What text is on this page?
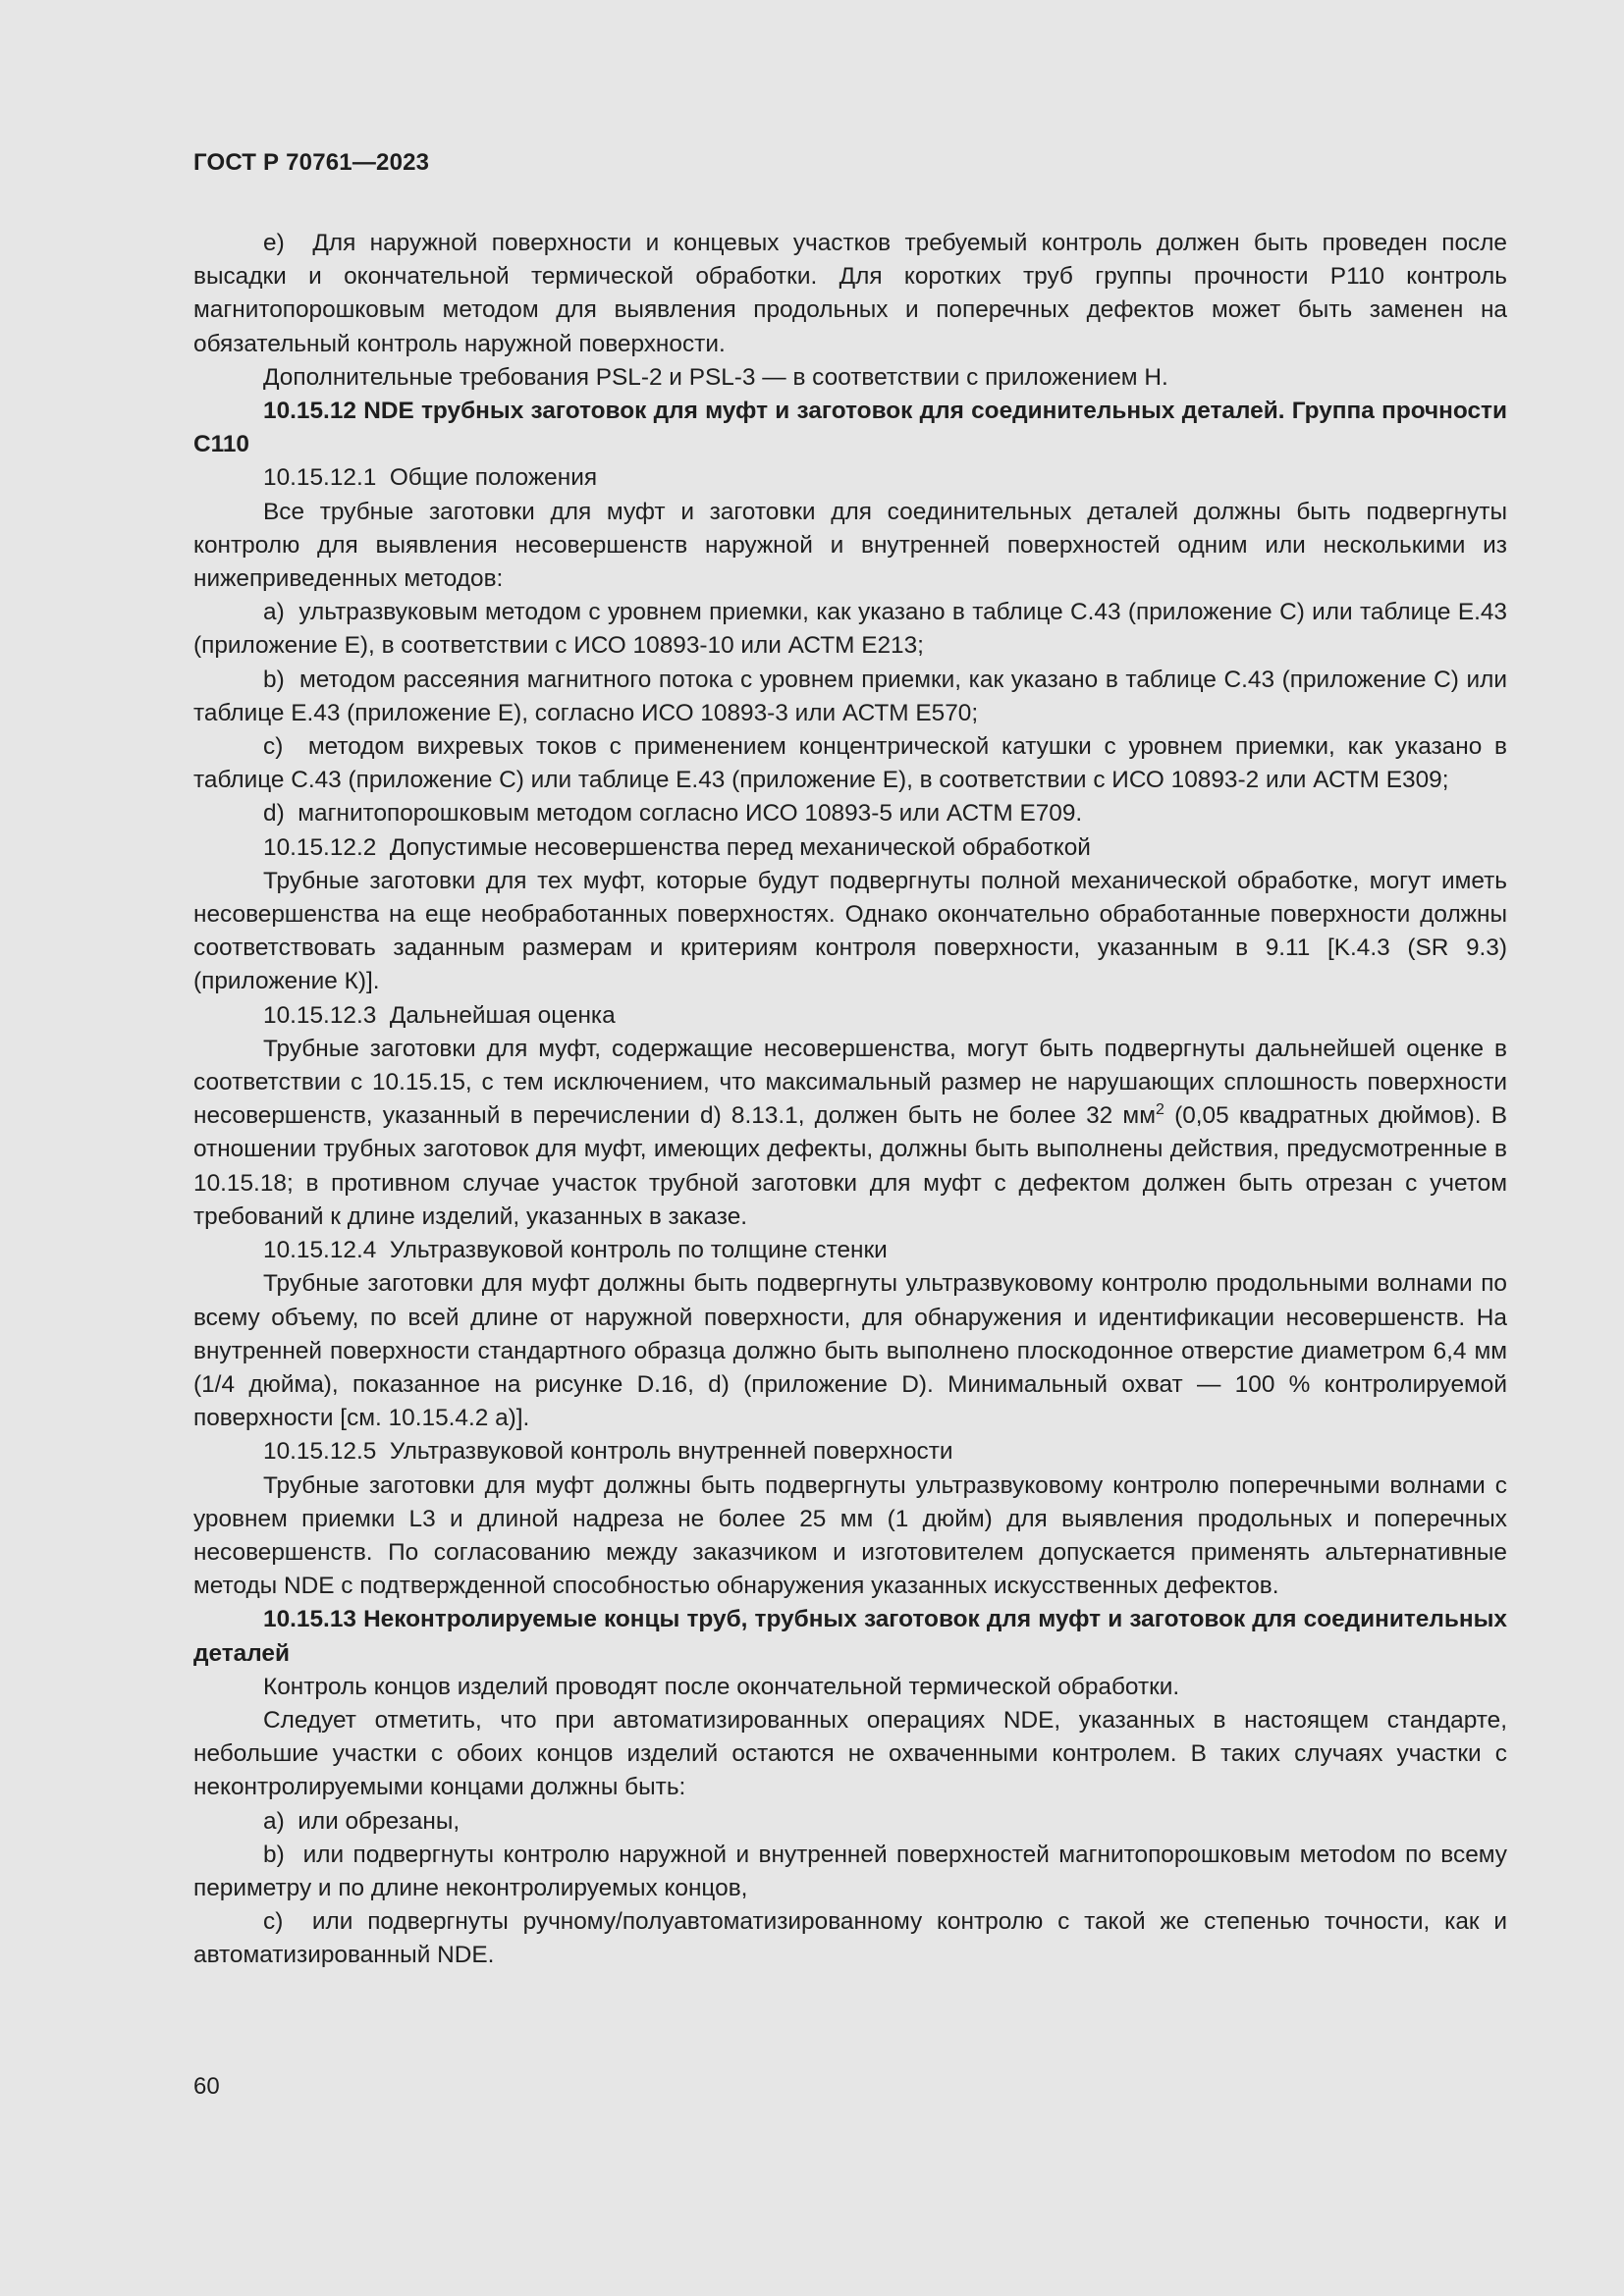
ГОСТ Р 70761—2023

e)  Для наружной поверхности и концевых участков требуемый контроль должен быть проведен после высадки и окончательной термической обработки. Для коротких труб группы прочности Р110 контроль магнитопорошковым методом для выявления продольных и поперечных дефектов может быть заменен на обязательный контроль наружной поверхности.

Дополнительные требования PSL-2 и PSL-3 — в соответствии с приложением Н.

10.15.12 NDE трубных заготовок для муфт и заготовок для соединительных деталей. Группа прочности С110

10.15.12.1  Общие положения

Все трубные заготовки для муфт и заготовки для соединительных деталей должны быть подвергнуты контролю для выявления несовершенств наружной и внутренней поверхностей одним или несколькими из нижеприведенных методов:

a)  ультразвуковым методом с уровнем приемки, как указано в таблице С.43 (приложение С) или таблице Е.43 (приложение Е), в соответствии с ИСО 10893-10 или АСТМ Е213;

b)  методом рассеяния магнитного потока с уровнем приемки, как указано в таблице С.43 (приложение С) или таблице Е.43 (приложение Е), согласно ИСО 10893-3 или АСТМ Е570;

c)  методом вихревых токов с применением концентрической катушки с уровнем приемки, как указано в таблице С.43 (приложение С) или таблице Е.43 (приложение Е), в соответствии с ИСО 10893-2 или АСТМ Е309;

d)  магнитопорошковым методом согласно ИСО 10893-5 или АСТМ Е709.

10.15.12.2  Допустимые несовершенства перед механической обработкой

Трубные заготовки для тех муфт, которые будут подвергнуты полной механической обработке, могут иметь несовершенства на еще необработанных поверхностях. Однако окончательно обработанные поверхности должны соответствовать заданным размерам и критериям контроля поверхности, указанным в 9.11 [K.4.3 (SR 9.3) (приложение К)].

10.15.12.3  Дальнейшая оценка

Трубные заготовки для муфт, содержащие несовершенства, могут быть подвергнуты дальнейшей оценке в соответствии с 10.15.15, с тем исключением, что максимальный размер не нарушающих сплошность поверхности несовершенств, указанный в перечислении d) 8.13.1, должен быть не более 32 $мм^2$ (0,05 квадратных дюймов). В отношении трубных заготовок для муфт, имеющих дефекты, должны быть выполнены действия, предусмотренные в 10.15.18; в противном случае участок трубной заготовки для муфт с дефектом должен быть отрезан с учетом требований к длине изделий, указанных в заказе.

10.15.12.4  Ультразвуковой контроль по толщине стенки

Трубные заготовки для муфт должны быть подвергнуты ультразвуковому контролю продольными волнами по всему объему, по всей длине от наружной поверхности, для обнаружения и идентификации несовершенств. На внутренней поверхности стандартного образца должно быть выполнено плоскодонное отверстие диаметром 6,4 мм (1/4 дюйма), показанное на рисунке D.16, d) (приложение D). Минимальный охват — 100 % контролируемой поверхности [см. 10.15.4.2 a)].

10.15.12.5  Ультразвуковой контроль внутренней поверхности

Трубные заготовки для муфт должны быть подвергнуты ультразвуковому контролю поперечными волнами с уровнем приемки L3 и длиной надреза не более 25 мм (1 дюйм) для выявления продольных и поперечных несовершенств. По согласованию между заказчиком и изготовителем допускается применять альтернативные методы NDE с подтвержденной способностью обнаружения указанных искусственных дефектов.

10.15.13 Неконтролируемые концы труб, трубных заготовок для муфт и заготовок для соединительных деталей

Контроль концов изделий проводят после окончательной термической обработки.

Следует отметить, что при автоматизированных операциях NDE, указанных в настоящем стандарте, небольшие участки с обоих концов изделий остаются не охваченными контролем. В таких случаях участки с неконтролируемыми концами должны быть:

a)  или обрезаны,

b)  или подвергнуты контролю наружной и внутренней поверхностей магнитопорошковым метоdом по всему периметру и по длине неконтролируемых концов,

c)  или подвергнуты ручному/полуавтоматизированному контролю с такой же степенью точности, как и автоматизированный NDE.

60
